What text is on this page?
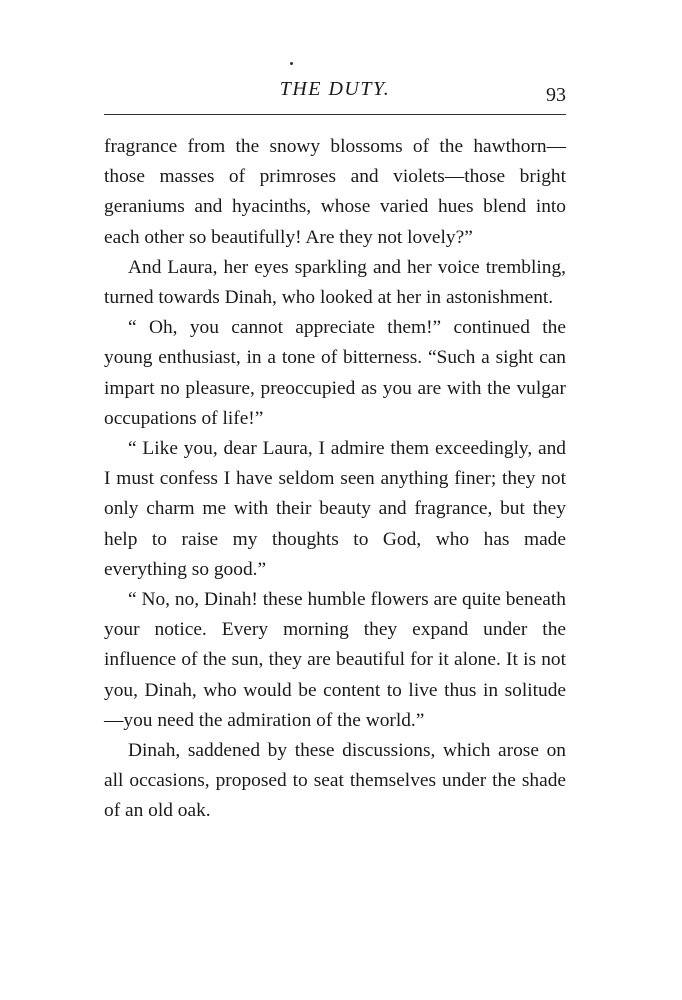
THE DUTY.	93

fragrance from the snowy blossoms of the hawthorn—those masses of primroses and violets—those bright geraniums and hyacinths, whose varied hues blend into each other so beautifully! Are they not lovely?”

And Laura, her eyes sparkling and her voice trembling, turned towards Dinah, who looked at her in astonishment.

“ Oh, you cannot appreciate them!” continued the young enthusiast, in a tone of bitterness. “Such a sight can impart no pleasure, preoccupied as you are with the vulgar occupations of life!”

“ Like you, dear Laura, I admire them exceedingly, and I must confess I have seldom seen anything finer; they not only charm me with their beauty and fragrance, but they help to raise my thoughts to God, who has made everything so good.”

“ No, no, Dinah! these humble flowers are quite beneath your notice. Every morning they expand under the influence of the sun, they are beautiful for it alone. It is not you, Dinah, who would be content to live thus in solitude—you need the admiration of the world.”

Dinah, saddened by these discussions, which arose on all occasions, proposed to seat themselves under the shade of an old oak.
